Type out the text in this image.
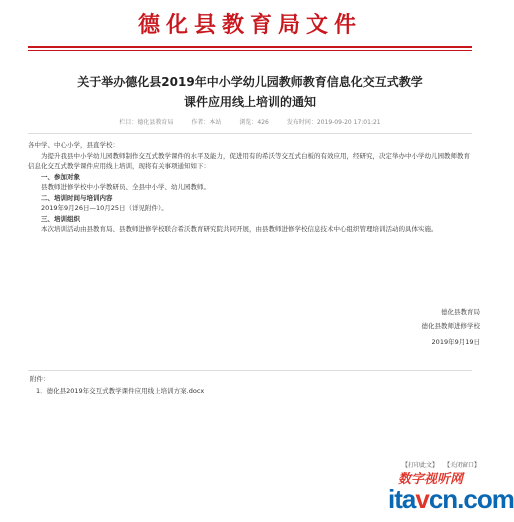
德化县教育局文件
关于举办德化县2019年中小学幼儿园教师教育信息化交互式教学
课件应用线上培训的通知
栏目：德化县教育局	作者：本站	浏览：426	发布时间：2019-09-20 17:01:21

各中学、中心小学，县直学校：

为提升我县中小学幼儿园教师制作交互式教学课件的水平及能力，促进用有的希沃等交互式白板的有效应用，经研究，决定举办中小学幼儿园教师教育信息化交互式教学课件应用线上培训，现将有关事项通知如下：

一、参加对象

县教师进修学校中小学教研员、全县中小学、幼儿园教师。

二、培训时间与培训内容

2019年9月26日—10月25日（详见附件）。

三、培训组织

本次培训活动由县教育局、县教师进修学校联合希沃教育研究院共同开展，由县教师进修学校信息技术中心组织管理培训活动的具体实施。

德化县教育局
德化县教师进修学校
2019年9月19日
附件：
1．德化县2019年交互式教学课件应用线上培训方案.docx
【打印此文】 【关闭窗口】
数字视听网
itavcn.com
